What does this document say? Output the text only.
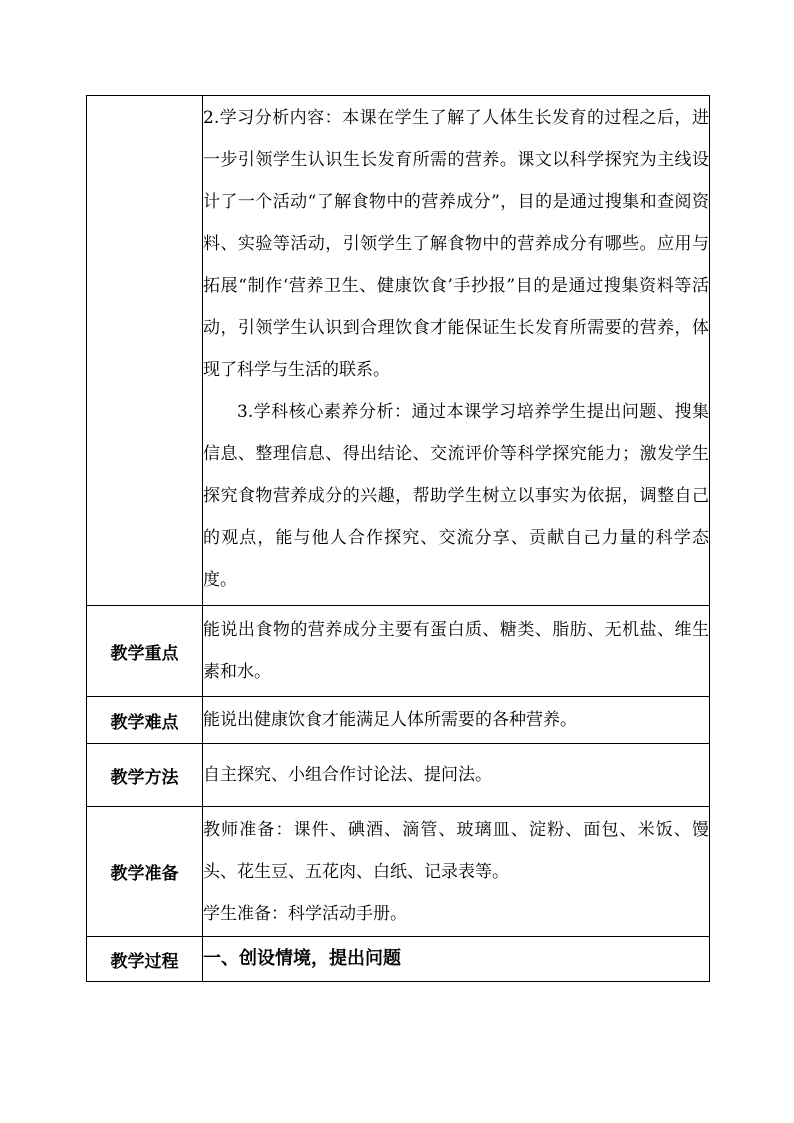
	2.学习分析内容：本课在学生了解了人体生长发育的过程之后，进一步引领学生认识生长发育所需的营养。课文以科学探究为主线设计了一个活动“了解食物中的营养成分”，目的是通过搜集和查阅资料、实验等活动，引领学生了解食物中的营养成分有哪些。应用与拓展“制作‘营养卫生、健康饮食’手抄报”目的是通过搜集资料等活动，引领学生认识到合理饮食才能保证生长发育所需要的营养，体现了科学与生活的联系。

3.学科核心素养分析：通过本课学习培养学生提出问题、搜集信息、整理信息、得出结论、交流评价等科学探究能力；激发学生探究食物营养成分的兴趣，帮助学生树立以事实为依据，调整自己的观点，能与他人合作探究、交流分享、贡献自己力量的科学态度。

教学重点	能说出食物的营养成分主要有蛋白质、糖类、脂肪、无机盐、维生素和水。

教学难点	能说出健康饮食才能满足人体所需要的各种营养。

教学方法	自主探究、小组合作讨论法、提问法。

教学准备	教师准备：课件、碘酒、滴管、玻璃皿、淀粉、面包、米饭、馒头、花生豆、五花肉、白纸、记录表等。

学生准备：科学活动手册。

教学过程	一、创设情境，提出问题
